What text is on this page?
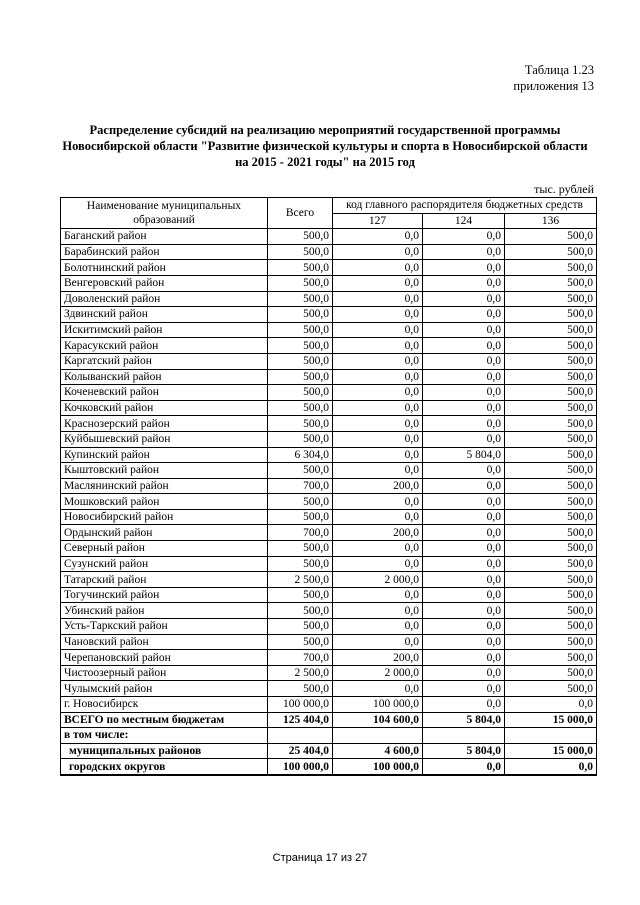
Таблица 1.23
приложения 13
Распределение субсидий на реализацию мероприятий государственной программы
Новосибирской области "Развитие физической культуры и спорта в Новосибирской области
на 2015 - 2021 годы" на 2015 год
тыс. рублей
Наименование муниципальных образований	Всего	код главного распорядителя бюджетных средств		
		127	124	136
Баганский район	500,0	0,0	0,0	500,0
Барабинский район	500,0	0,0	0,0	500,0
Болотнинский район	500,0	0,0	0,0	500,0
Венгеровский район	500,0	0,0	0,0	500,0
Доволенский район	500,0	0,0	0,0	500,0
Здвинский район	500,0	0,0	0,0	500,0
Искитимский район	500,0	0,0	0,0	500,0
Карасукский район	500,0	0,0	0,0	500,0
Каргатский район	500,0	0,0	0,0	500,0
Колыванский район	500,0	0,0	0,0	500,0
Коченевский район	500,0	0,0	0,0	500,0
Кочковский район	500,0	0,0	0,0	500,0
Краснозерский район	500,0	0,0	0,0	500,0
Куйбышевский район	500,0	0,0	0,0	500,0
Купинский район	6 304,0	0,0	5 804,0	500,0
Кыштовский район	500,0	0,0	0,0	500,0
Маслянинский район	700,0	200,0	0,0	500,0
Мошковский район	500,0	0,0	0,0	500,0
Новосибирский район	500,0	0,0	0,0	500,0
Ордынский район	700,0	200,0	0,0	500,0
Северный район	500,0	0,0	0,0	500,0
Сузунский район	500,0	0,0	0,0	500,0
Татарский район	2 500,0	2 000,0	0,0	500,0
Тогучинский район	500,0	0,0	0,0	500,0
Убинский район	500,0	0,0	0,0	500,0
Усть-Таркский район	500,0	0,0	0,0	500,0
Чановский район	500,0	0,0	0,0	500,0
Черепановский район	700,0	200,0	0,0	500,0
Чистоозерный район	2 500,0	2 000,0	0,0	500,0
Чулымский район	500,0	0,0	0,0	500,0
г. Новосибирск	100 000,0	100 000,0	0,0	0,0
ВСЕГО по местным бюджетам	125 404,0	104 600,0	5 804,0	15 000,0
в том числе:				
муниципальных районов	25 404,0	4 600,0	5 804,0	15 000,0
городских округов	100 000,0	100 000,0	0,0	0,0
Страница 17 из 27
